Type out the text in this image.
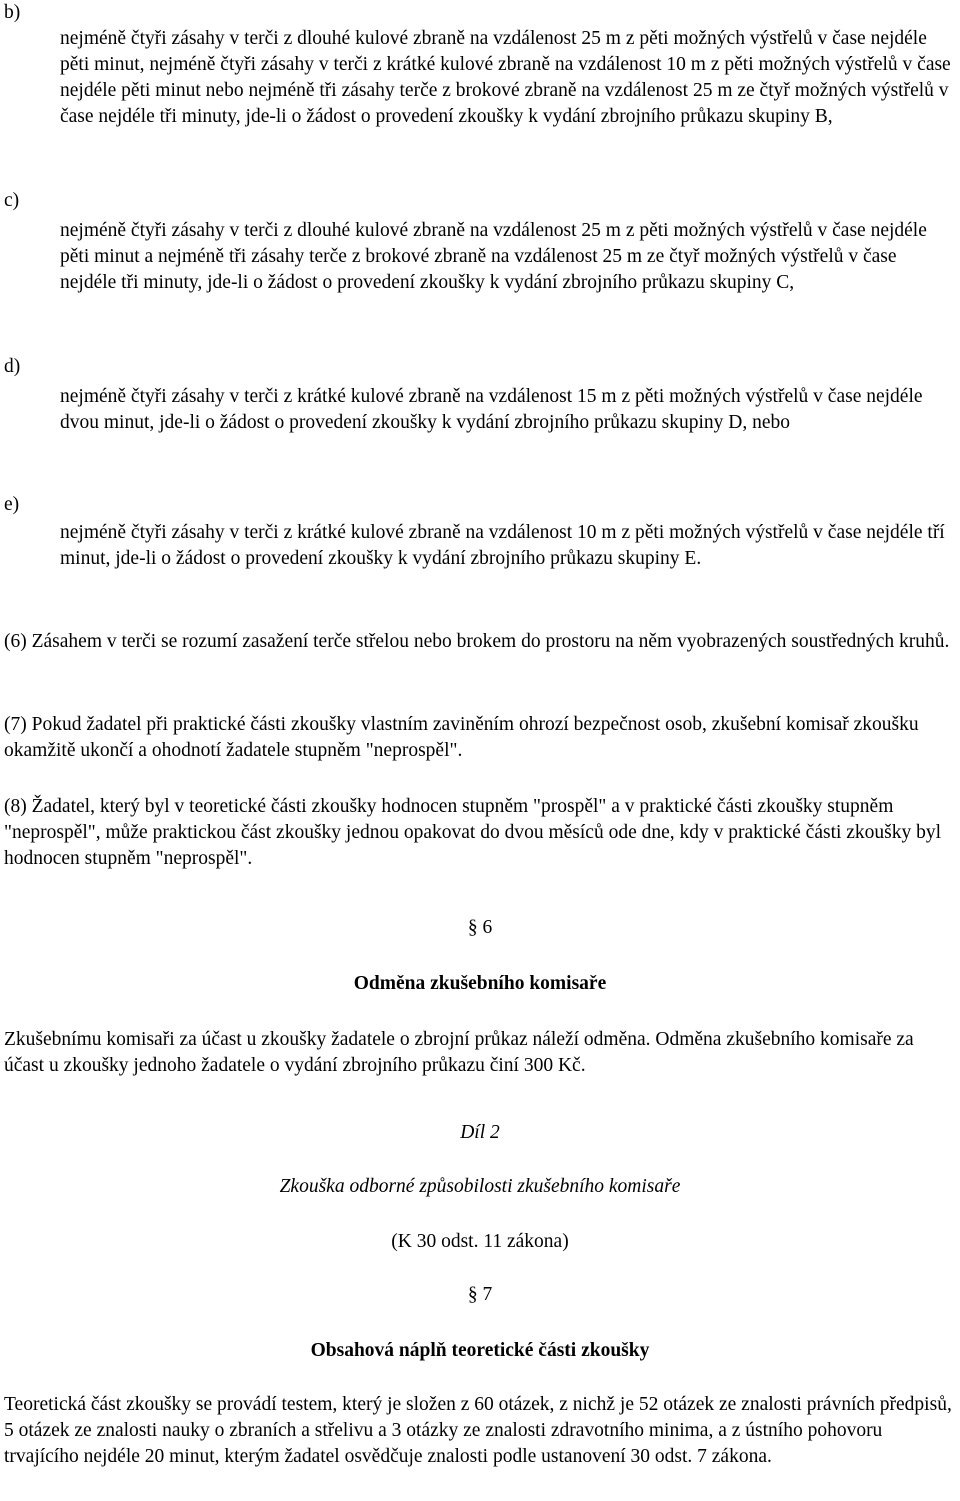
b)
nejméně čtyři zásahy v terči z dlouhé kulové zbraně na vzdálenost 25 m z pěti možných výstřelů v čase nejdéle pěti minut, nejméně čtyři zásahy v terči z krátké kulové zbraně na vzdálenost 10 m z pěti možných výstřelů v čase nejdéle pěti minut nebo nejméně tři zásahy terče z brokové zbraně na vzdálenost 25 m ze čtyř možných výstřelů v čase nejdéle tři minuty, jde-li o žádost o provedení zkoušky k vydání zbrojního průkazu skupiny B,
c)
nejméně čtyři zásahy v terči z dlouhé kulové zbraně na vzdálenost 25 m z pěti možných výstřelů v čase nejdéle pěti minut a nejméně tři zásahy terče z brokové zbraně na vzdálenost 25 m ze čtyř možných výstřelů v čase nejdéle tři minuty, jde-li o žádost o provedení zkoušky k vydání zbrojního průkazu skupiny C,
d)
nejméně čtyři zásahy v terči z krátké kulové zbraně na vzdálenost 15 m z pěti možných výstřelů v čase nejdéle dvou minut, jde-li o žádost o provedení zkoušky k vydání zbrojního průkazu skupiny D, nebo
e)
nejméně čtyři zásahy v terči z krátké kulové zbraně na vzdálenost 10 m z pěti možných výstřelů v čase nejdéle tří minut, jde-li o žádost o provedení zkoušky k vydání zbrojního průkazu skupiny E.
(6) Zásahem v terči se rozumí zasažení terče střelou nebo brokem do prostoru na něm vyobrazených soustředných kruhů.
(7) Pokud žadatel při praktické části zkoušky vlastním zaviněním ohrozí bezpečnost osob, zkušební komisař zkoušku okamžitě ukončí a ohodnotí žadatele stupněm "neprospěl".
(8) Žadatel, který byl v teoretické části zkoušky hodnocen stupněm "prospěl" a v praktické části zkoušky stupněm "neprospěl", může praktickou část zkoušky jednou opakovat do dvou měsíců ode dne, kdy v praktické části zkoušky byl hodnocen stupněm "neprospěl".
§ 6
Odměna zkušebního komisaře
Zkušebnímu komisaři za účast u zkoušky žadatele o zbrojní průkaz náleží odměna. Odměna zkušebního komisaře za účast u zkoušky jednoho žadatele o vydání zbrojního průkazu činí 300 Kč.
Díl 2
Zkouška odborné způsobilosti zkušebního komisaře
(K 30 odst. 11 zákona)
§ 7
Obsahová náplň teoretické části zkoušky
Teoretická část zkoušky se provádí testem, který je složen z 60 otázek, z nichž je 52 otázek ze znalosti právních předpisů, 5 otázek ze znalosti nauky o zbraních a střelivu a 3 otázky ze znalosti zdravotního minima, a z ústního pohovoru trvajícího nejdéle 20 minut, kterým žadatel osvědčuje znalosti podle ustanovení 30 odst. 7 zákona.
